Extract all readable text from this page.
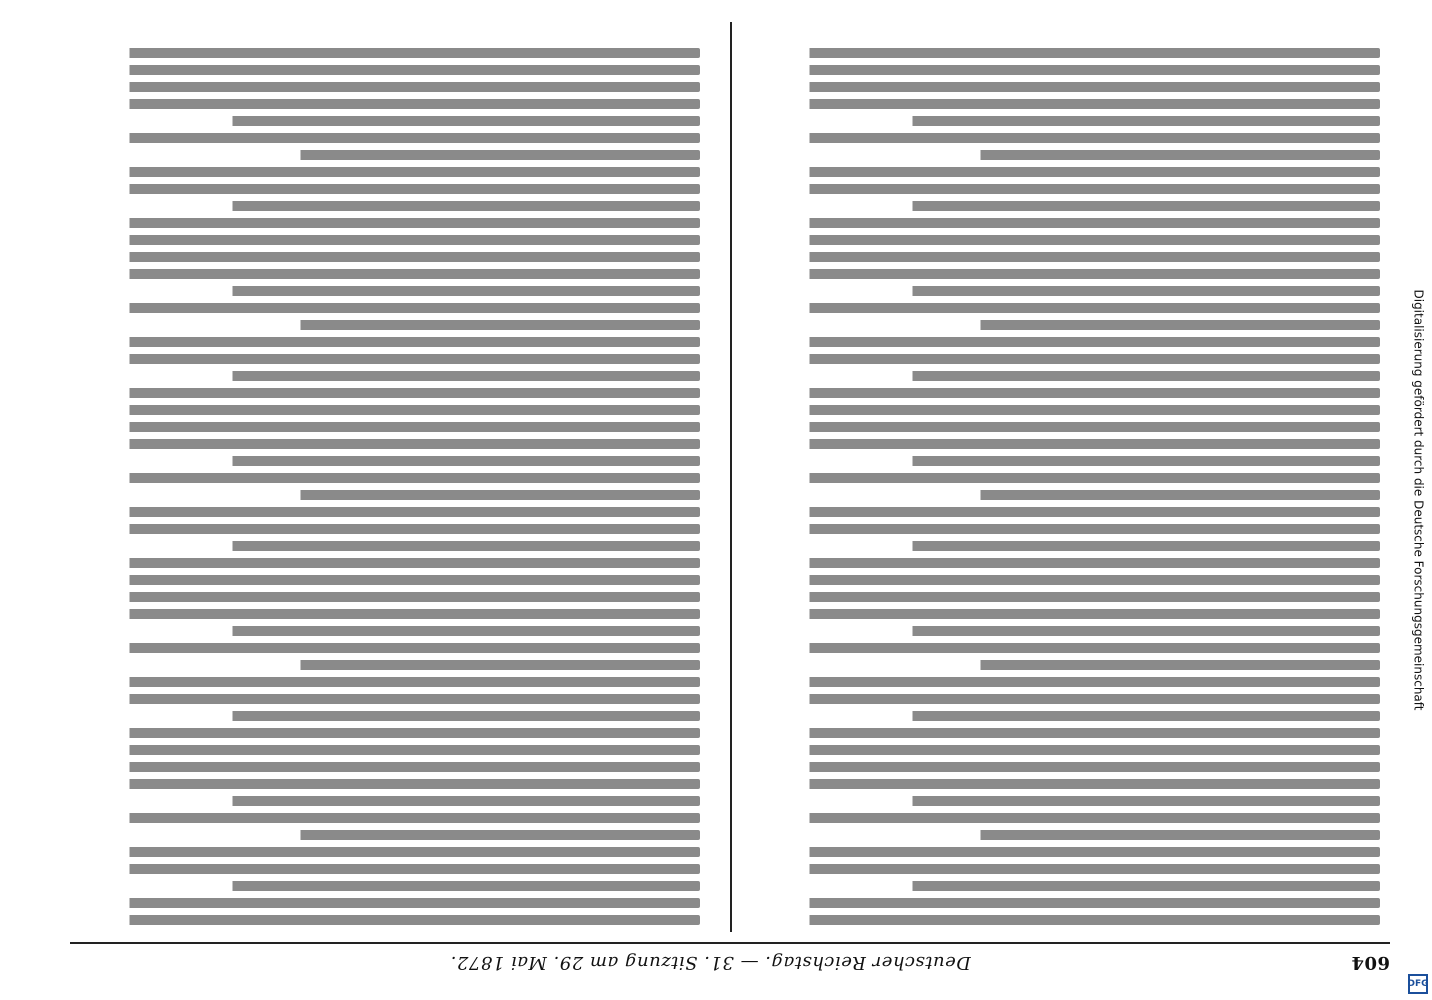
604
Deutscher Reichstag. — 31. Sitzung am 29. Mai 1872.
Digitalisierung gefördert durch die Deutsche Forschungsgemeinschaft
DFG
